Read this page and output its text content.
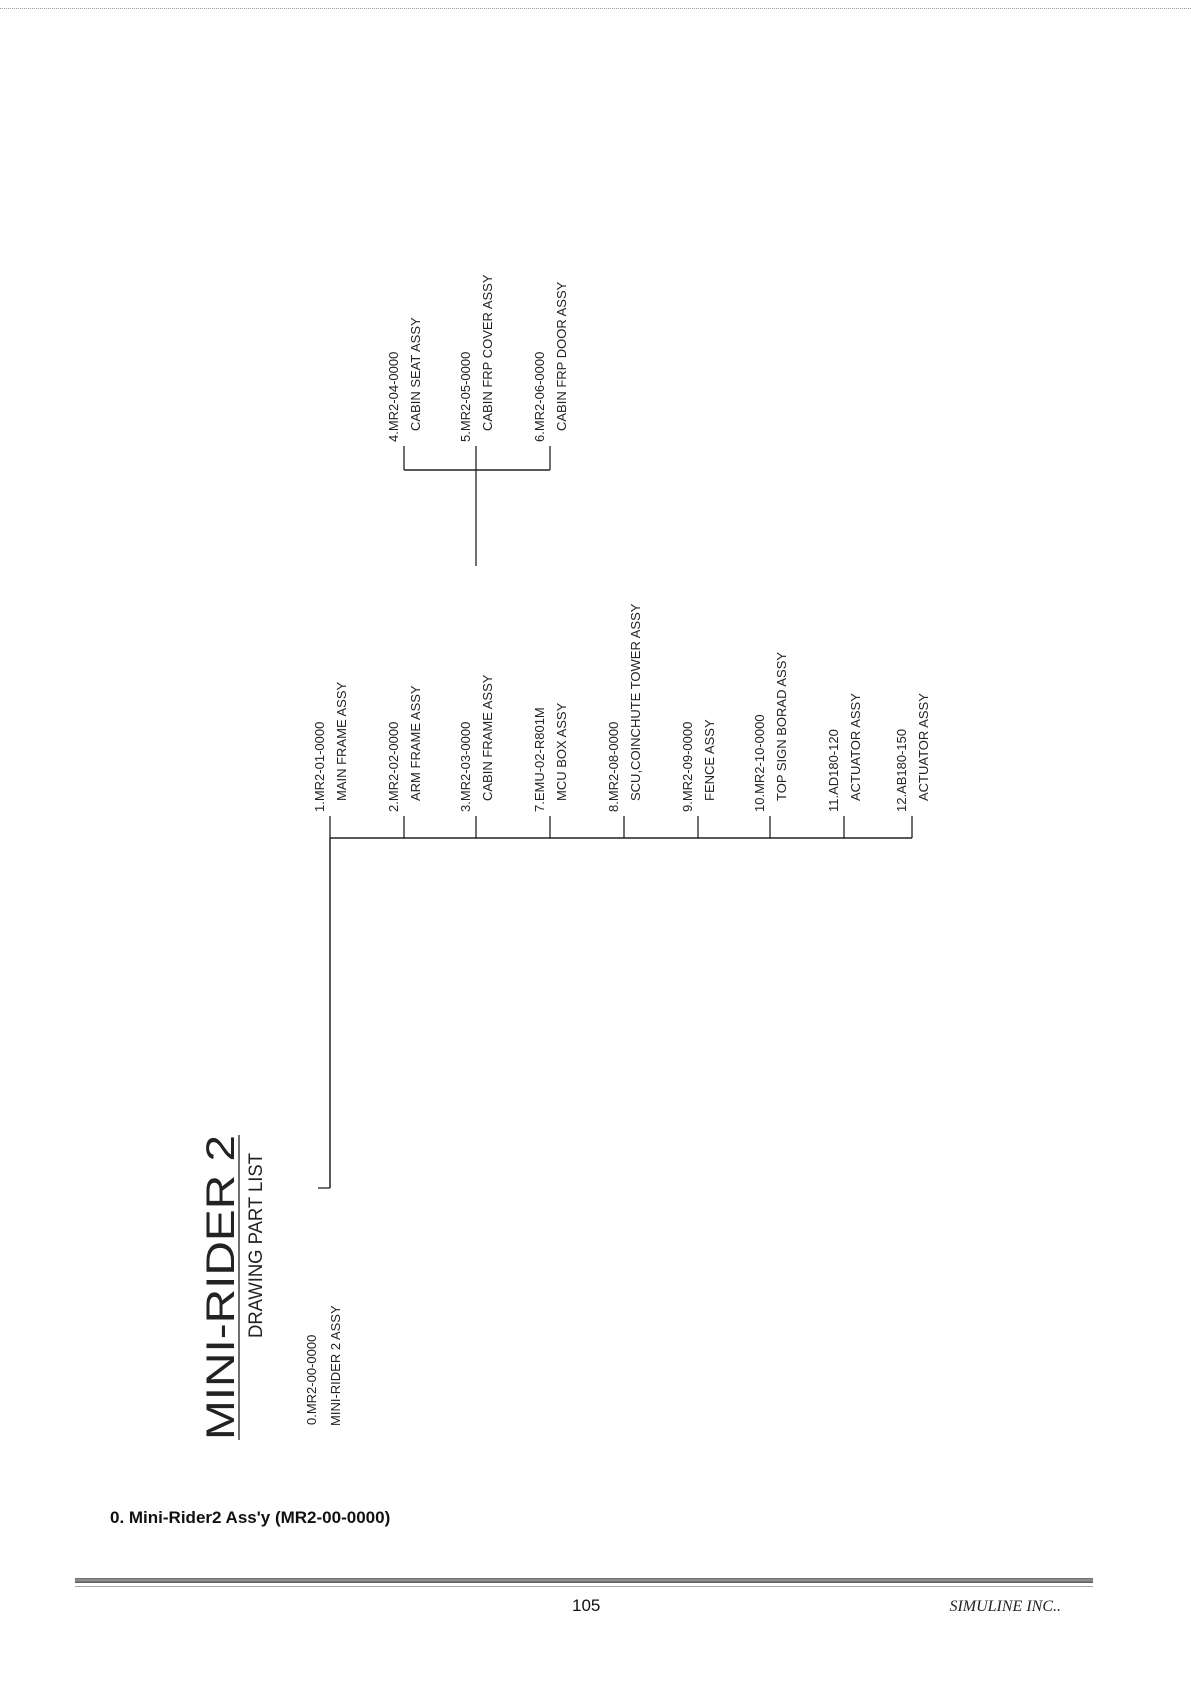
MINI-RIDER 2 DRAWING PART LIST
0.MR2-00-0000 MINI-RIDER 2 ASSY
1.MR2-01-0000 MAIN FRAME ASSY	2.MR2-02-0000 ARM FRAME ASSY	3.MR2-03-0000 CABIN FRAME ASSY	7.EMU-02-R801M MCU BOX ASSY	8.MR2-08-0000 SCU,COINCHUTE TOWER ASSY	9.MR2-09-0000 FENCE ASSY	10.MR2-10-0000 TOP SIGN BORAD ASSY	11.AD180-120 ACTUATOR ASSY 12.AB180-150 ACTUATOR ASSY
4.MR2-04-0000 CABIN SEAT ASSY	5.MR2-05-0000 CABIN FRP COVER ASSY	6.MR2-06-0000 CABIN FRP DOOR ASSY
0. Mini-Rider2 Ass'y (MR2-00-0000)
105	SIMULINE INC..
